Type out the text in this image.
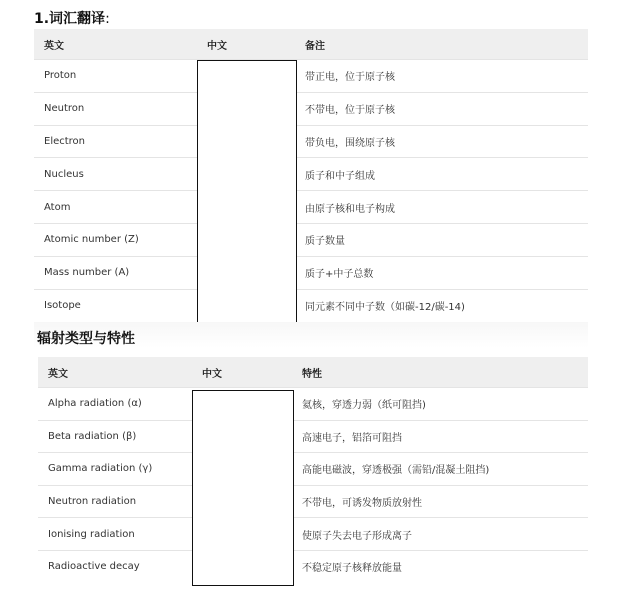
1.词汇翻译:
英文	中文	备注
Proton		带正电，位于原子核
Neutron		不带电，位于原子核
Electron		带负电，围绕原子核
Nucleus		质子和中子组成
Atom		由原子核和电子构成
Atomic number (Z)		质子数量
Mass number (A)		质子+中子总数
Isotope		同元素不同中子数（如碳-12/碳-14)
辐射类型与特性
英文	中文	特性
Alpha radiation (α)		氦核，穿透力弱（纸可阻挡)
Beta radiation (β)		高速电子，铝箔可阻挡
Gamma radiation (γ)		高能电磁波，穿透极强（需铅/混凝土阻挡)
Neutron radiation		不带电，可诱发物质放射性
Ionising radiation		使原子失去电子形成离子
Radioactive decay		不稳定原子核释放能量
